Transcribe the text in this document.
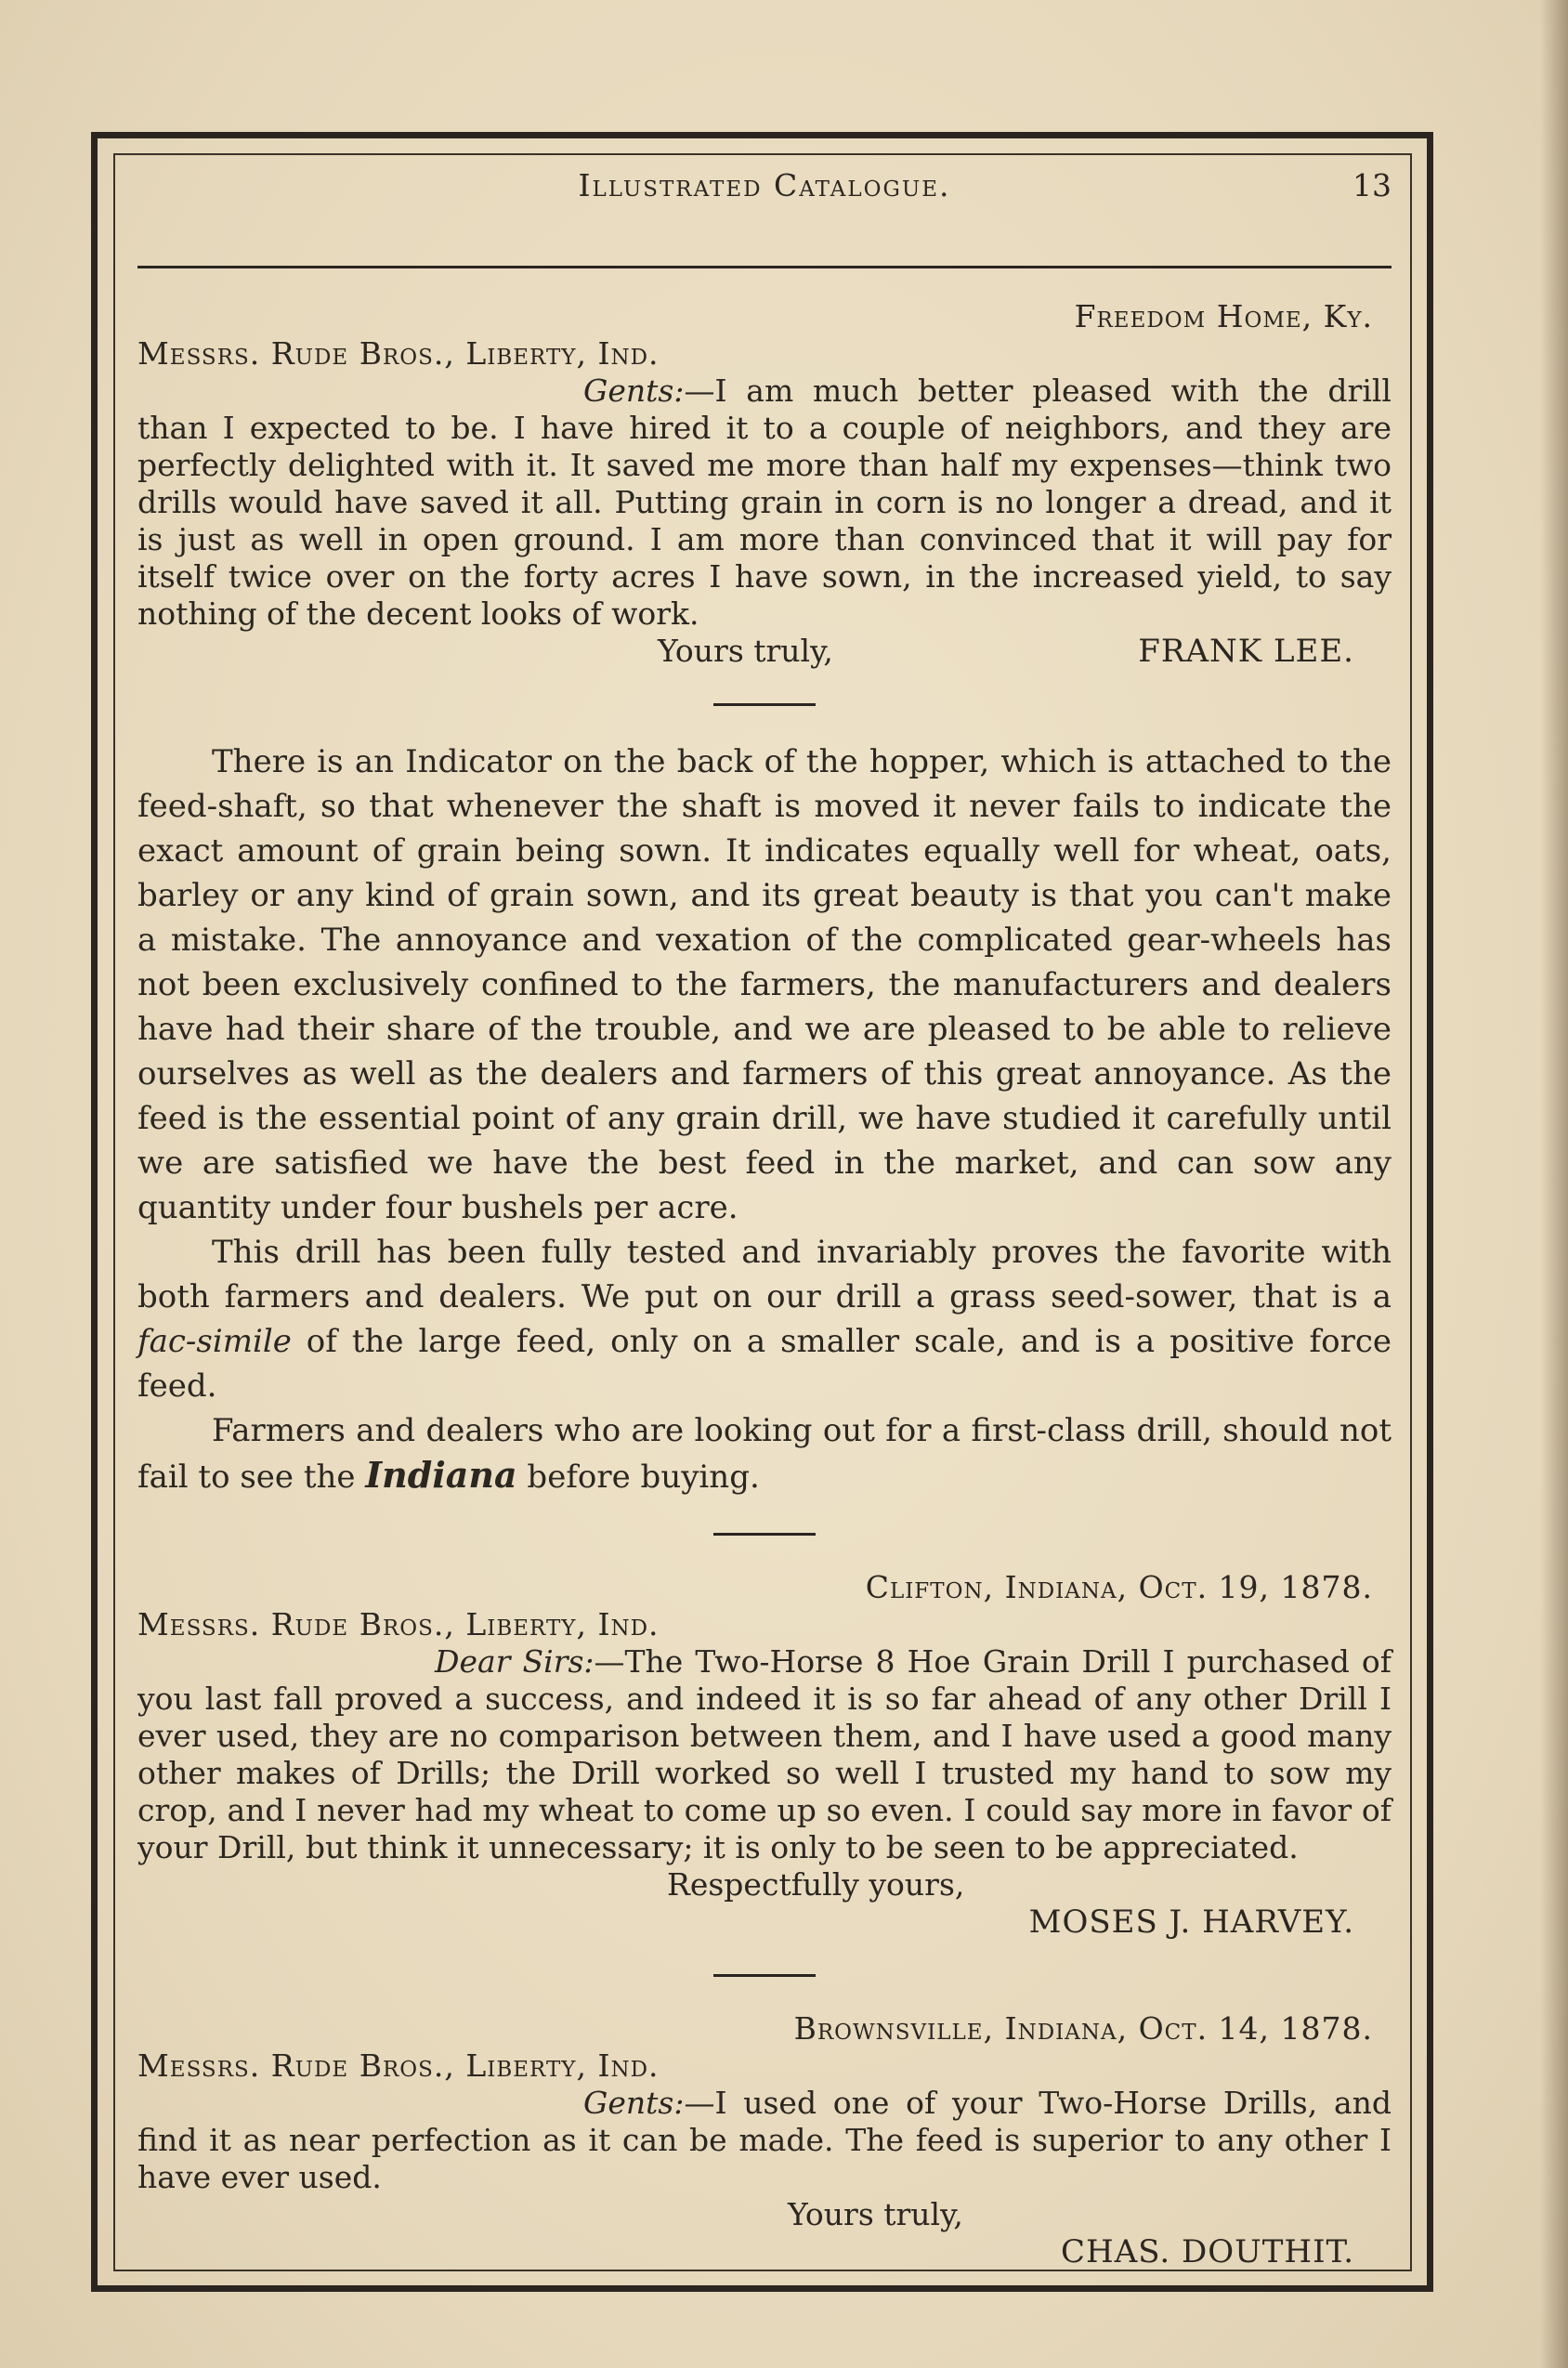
Illustrated Catalogue.	13
Freedom Home, Ky.
Messrs. Rude Bros., Liberty, Ind.

Gents:—I am much better pleased with the drill than I expected to be. I have hired it to a couple of neighbors, and they are perfectly delighted with it. It saved me more than half my expenses—think two drills would have saved it all. Putting grain in corn is no longer a dread, and it is just as well in open ground. I am more than convinced that it will pay for itself twice over on the forty acres I have sown, in the increased yield, to say nothing of the decent looks of work.

Yours truly,	FRANK LEE.

There is an Indicator on the back of the hopper, which is attached to the feed-shaft, so that whenever the shaft is moved it never fails to indicate the exact amount of grain being sown. It indicates equally well for wheat, oats, barley or any kind of grain sown, and its great beauty is that you can't make a mistake. The annoyance and vexation of the complicated gear-wheels has not been exclusively confined to the farmers, the manufacturers and dealers have had their share of the trouble, and we are pleased to be able to relieve ourselves as well as the dealers and farmers of this great annoyance. As the feed is the essential point of any grain drill, we have studied it carefully until we are satisfied we have the best feed in the market, and can sow any quantity under four bushels per acre.

This drill has been fully tested and invariably proves the favorite with both farmers and dealers. We put on our drill a grass seed-sower, that is a fac-simile of the large feed, only on a smaller scale, and is a positive force feed.

Farmers and dealers who are looking out for a first-class drill, should not fail to see the Indiana before buying.

Clifton, Indiana, Oct. 19, 1878.
Messrs. Rude Bros., Liberty, Ind.

Dear Sirs:—The Two-Horse 8 Hoe Grain Drill I purchased of you last fall proved a success, and indeed it is so far ahead of any other Drill I ever used, they are no comparison between them, and I have used a good many other makes of Drills; the Drill worked so well I trusted my hand to sow my crop, and I never had my wheat to come up so even. I could say more in favor of your Drill, but think it unnecessary; it is only to be seen to be appreciated.

Respectfully yours,
MOSES J. HARVEY.
Brownsville, Indiana, Oct. 14, 1878.
Messrs. Rude Bros., Liberty, Ind.

Gents:—I used one of your Two-Horse Drills, and find it as near perfection as it can be made. The feed is superior to any other I have ever used.

Yours truly,
CHAS. DOUTHIT.
